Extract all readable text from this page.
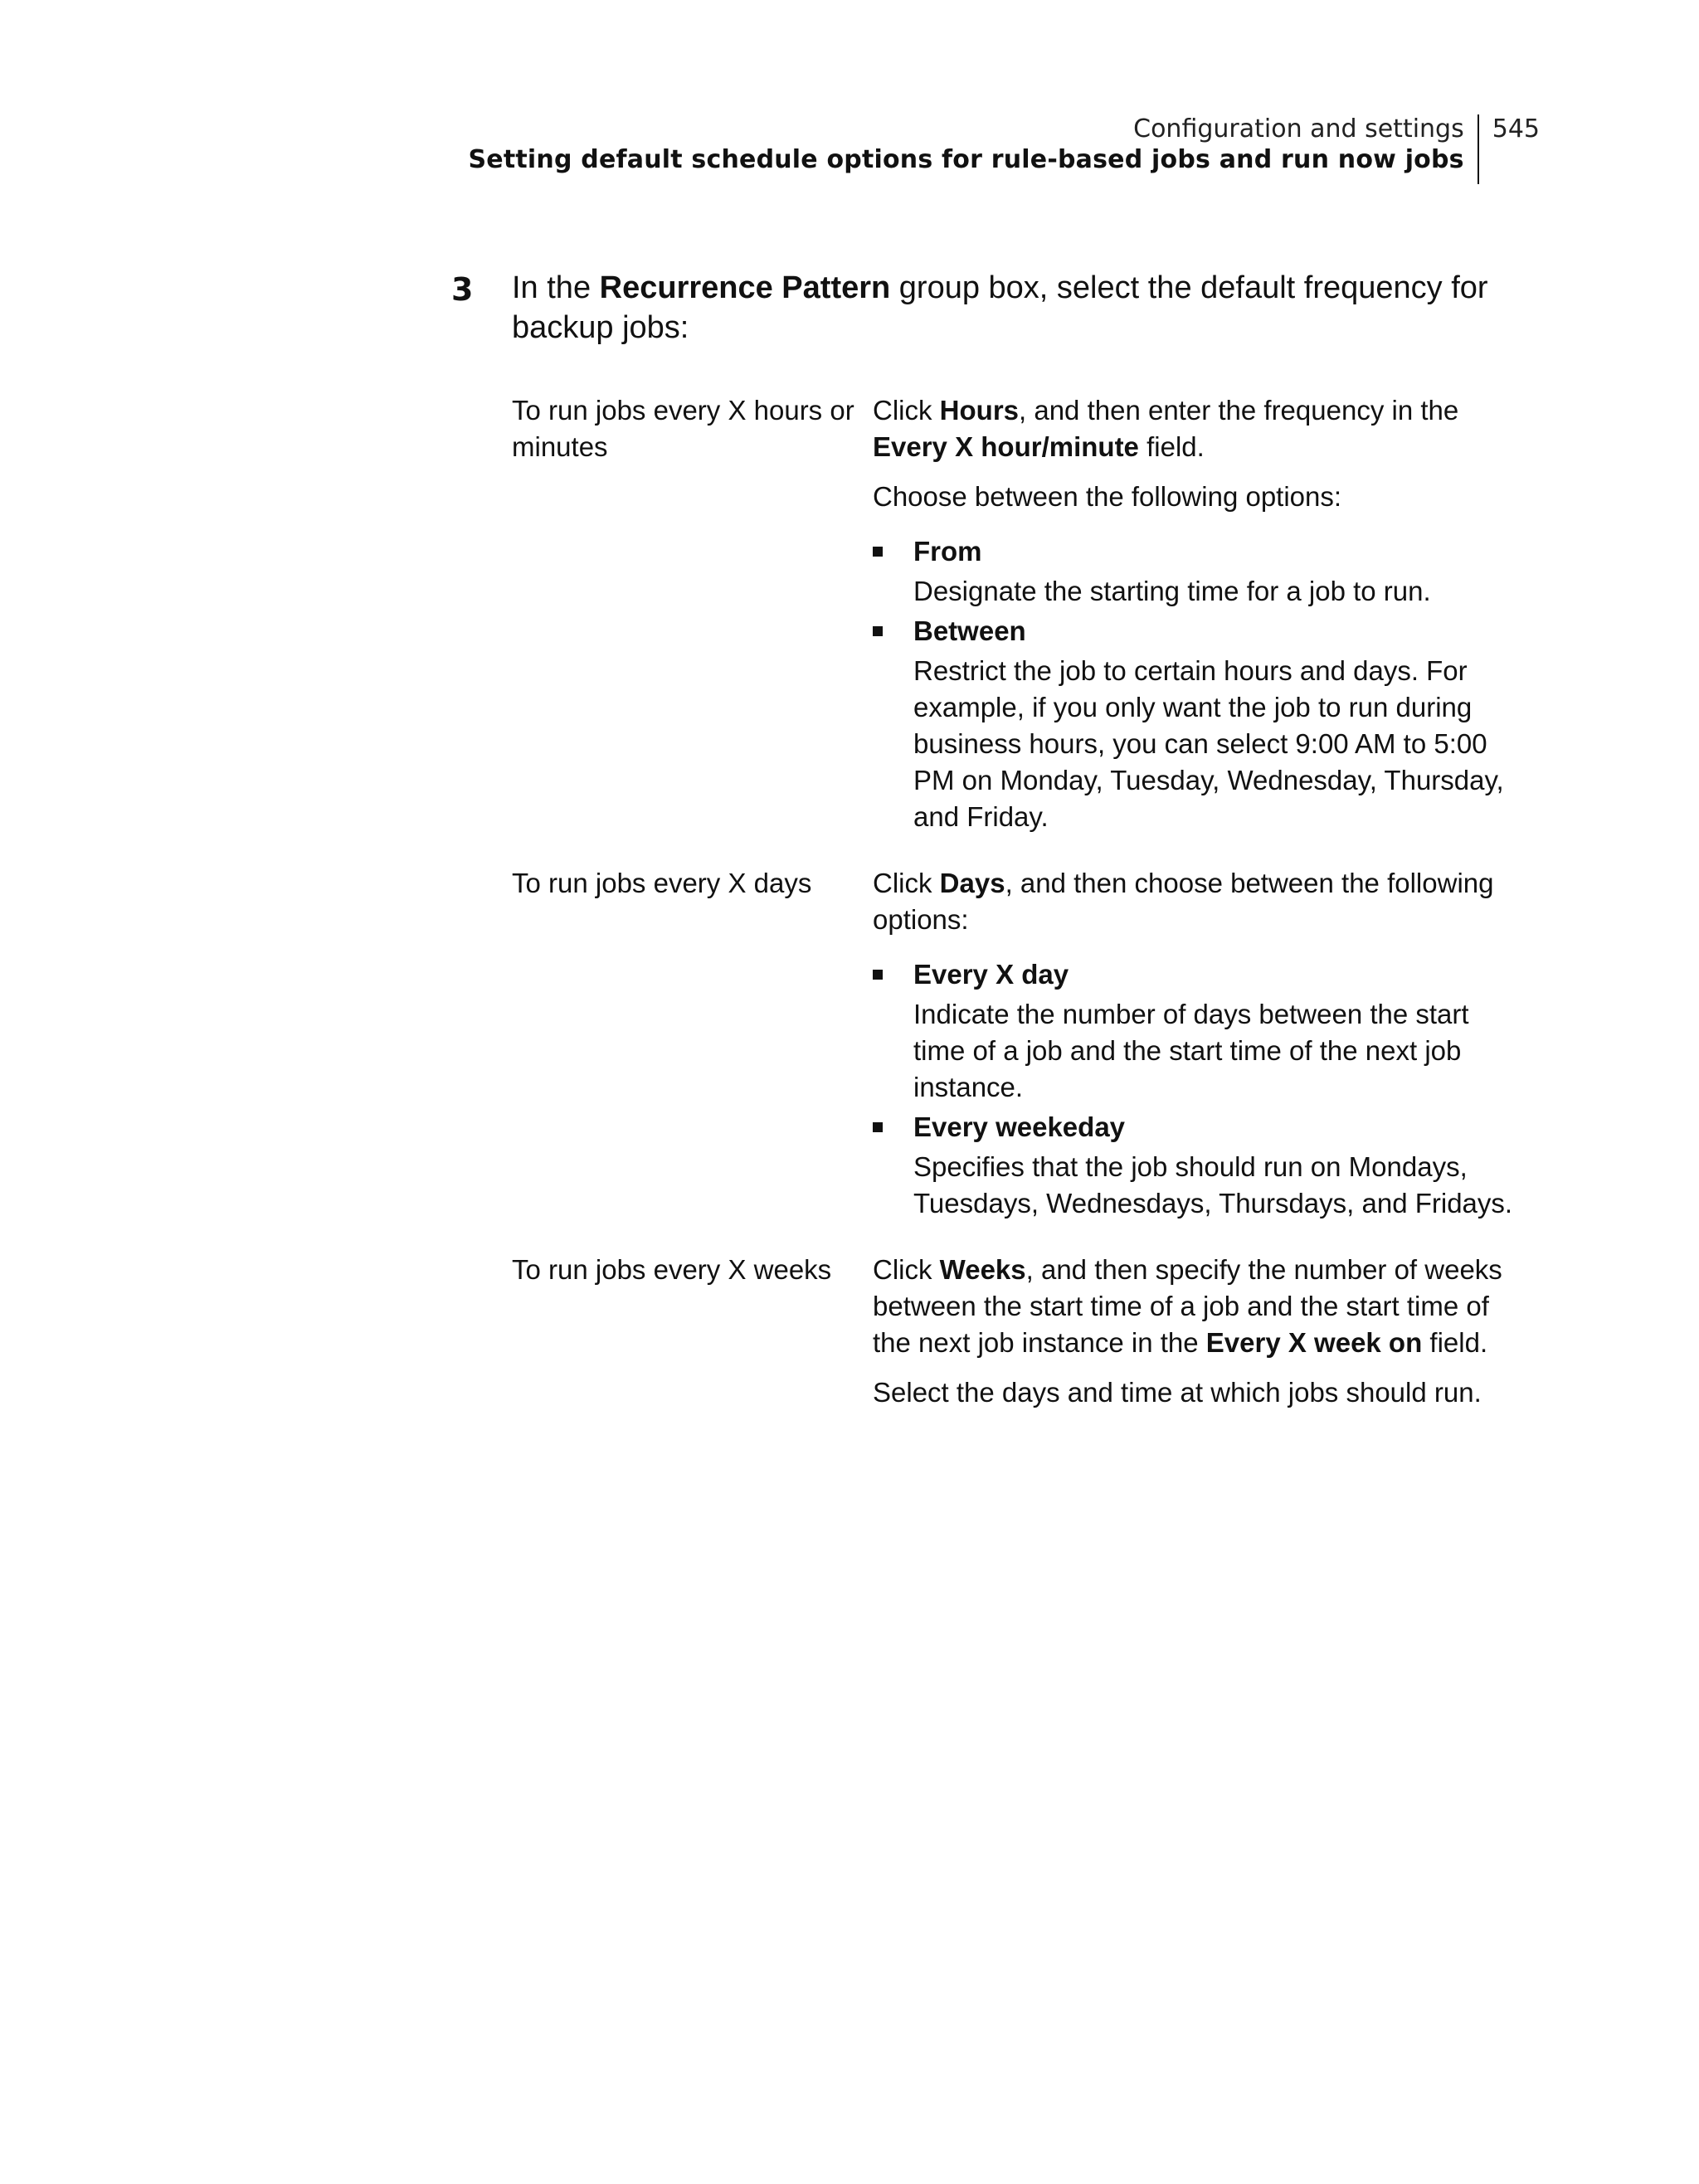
Configuration and settings
Setting default schedule options for rule-based jobs and run now jobs
545
3 In the Recurrence Pattern group box, select the default frequency for backup jobs:
To run jobs every X hours or minutes

Click Hours, and then enter the frequency in the Every X hour/minute field.

Choose between the following options:

From
Designate the starting time for a job to run.
Between
Restrict the job to certain hours and days. For example, if you only want the job to run during business hours, you can select 9:00 AM to 5:00 PM on Monday, Tuesday, Wednesday, Thursday, and Friday.
To run jobs every X days	Click Days, and then choose between the following options:

Every X day
Indicate the number of days between the start time of a job and the start time of the next job instance.
Every weekeday
Specifies that the job should run on Mondays, Tuesdays, Wednesdays, Thursdays, and Fridays.
To run jobs every X weeks	Click Weeks, and then specify the number of weeks between the start time of a job and the start time of the next job instance in the Every X week on field.

Select the days and time at which jobs should run.
